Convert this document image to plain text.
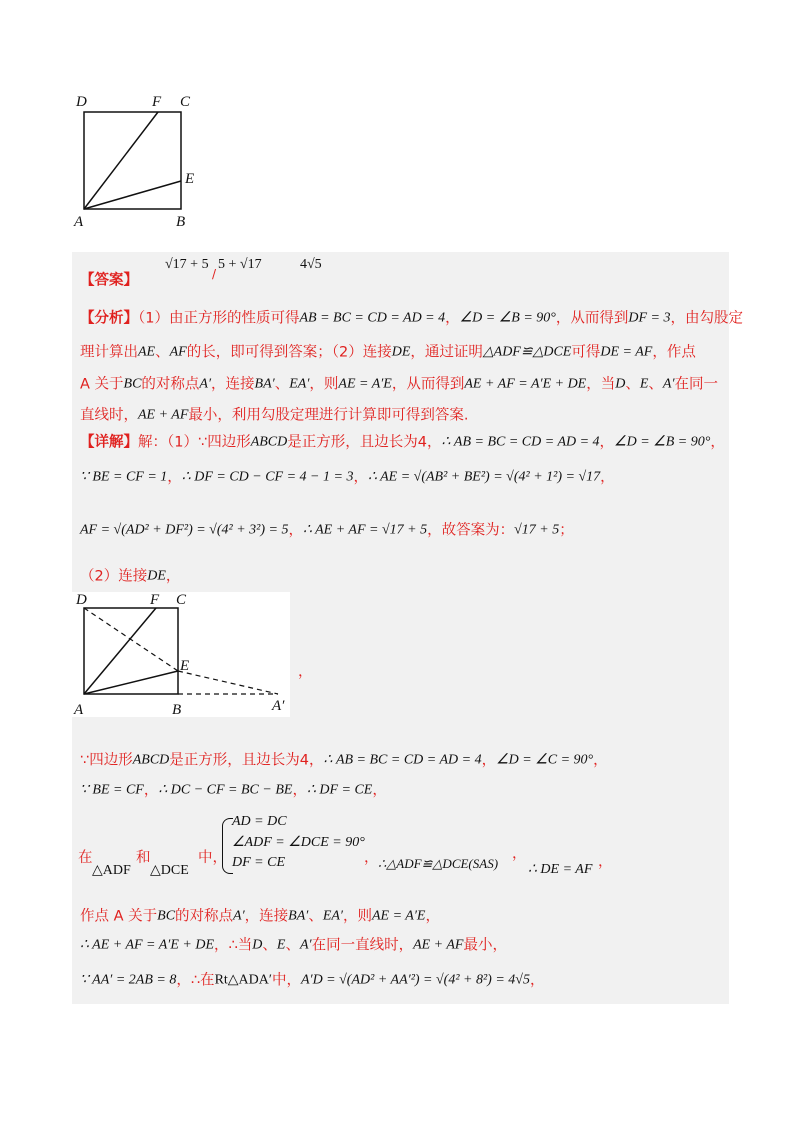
D	F C
E
A	B
【答案】
√17 + 5
/
5 + √17	4√5
【分析】（1）由正方形的性质可得AB = BC = CD = AD = 4，∠D = ∠B = 90°，从而得到DF = 3，由勾股定
理计算出AE、AF的长，即可得到答案；（2）连接DE，通过证明△ADF≌△DCE可得DE = AF，作点
A 关于BC的对称点A′，连接BA′、EA′，则AE = A′E，从而得到AE + AF = A′E + DE，当D、E、A′在同一
直线时，AE + AF最小，利用勾股定理进行计算即可得到答案.
【详解】解：（1）∵四边形ABCD是正方形，且边长为4，∴ AB = BC = CD = AD = 4，∠D = ∠B = 90°，
∵ BE = CF = 1，∴ DF = CD − CF = 4 − 1 = 3，∴ AE = √(AB² + BE²) = √(4² + 1²) = √17，
AF = √(AD² + DF²) = √(4² + 3²) = 5，∴ AE + AF = √17 + 5，故答案为：√17 + 5；
（2）连接DE，
D	F C
E
A	B	A′
，
∵四边形ABCD是正方形，且边长为4，∴ AB = BC = CD = AD = 4，∠D = ∠C = 90°，
∵ BE = CF，∴ DC − CF = BC − BE，∴ DF = CE，
在
△ADF
和
△DCE
中，
AD = DC
∠ADF = ∠DCE = 90°
DF = CE	， ∴△ADF≌△DCE(SAS)
，
∴ DE = AF ，
作点 A 关于BC的对称点A′，连接BA′、EA′，则AE = A′E，
∴ AE + AF = A′E + DE，∴当D、E、A′在同一直线时，AE + AF最小，
∵ AA′ = 2AB = 8，∴在Rt△ADA′中，A′D = √(AD² + AA′²) = √(4² + 8²) = 4√5，
